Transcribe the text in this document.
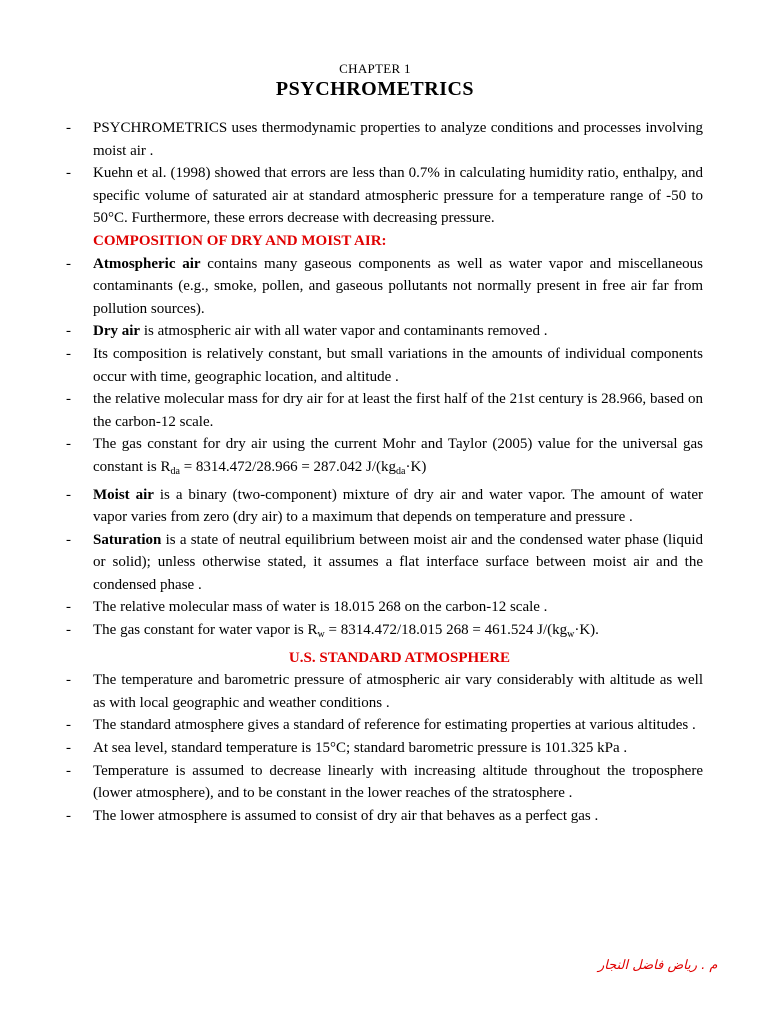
CHAPTER 1
PSYCHROMETRICS
- PSYCHROMETRICS uses thermodynamic properties to analyze conditions and processes involving moist air .
- Kuehn et al. (1998) showed that errors are less than 0.7% in calculating humidity ratio, enthalpy, and specific volume of saturated air at standard atmospheric pressure for a temperature range of -50 to 50°C. Furthermore, these errors decrease with decreasing pressure.
COMPOSITION OF DRY AND MOIST AIR:
- Atmospheric air contains many gaseous components as well as water vapor and miscellaneous contaminants (e.g., smoke, pollen, and gaseous pollutants not normally present in free air far from pollution sources).
- Dry air is atmospheric air with all water vapor and contaminants removed .
- Its composition is relatively constant, but small variations in the amounts of individual components occur with time, geographic location, and altitude .
- the relative molecular mass for dry air for at least the first half of the 21st century is 28.966, based on the carbon-12 scale.
- The gas constant for dry air using the current Mohr and Taylor (2005) value for the universal gas constant is $R_{da} = 8314.472/28.966 = 287.042$ $J/(kg_{da}\cdot K)$
- Moist air is a binary (two-component) mixture of dry air and water vapor. The amount of water vapor varies from zero (dry air) to a maximum that depends on temperature and pressure .
- Saturation is a state of neutral equilibrium between moist air and the condensed water phase (liquid or solid); unless otherwise stated, it assumes a flat interface surface between moist air and the condensed phase .
- The relative molecular mass of water is 18.015 268 on the carbon-12 scale .
- The gas constant for water vapor is $R_w = 8314.472/18.015$ 268 = 461.524 $J/(kg_w\cdot K)$.
U.S. STANDARD ATMOSPHERE
- The temperature and barometric pressure of atmospheric air vary considerably with altitude as well as with local geographic and weather conditions .
- The standard atmosphere gives a standard of reference for estimating properties at various altitudes .
- At sea level, standard temperature is 15°C; standard barometric pressure is 101.325 kPa .
- Temperature is assumed to decrease linearly with increasing altitude throughout the troposphere (lower atmosphere), and to be constant in the lower reaches of the stratosphere .
- The lower atmosphere is assumed to consist of dry air that behaves as a perfect gas .
م . رياض فاضل النجار
